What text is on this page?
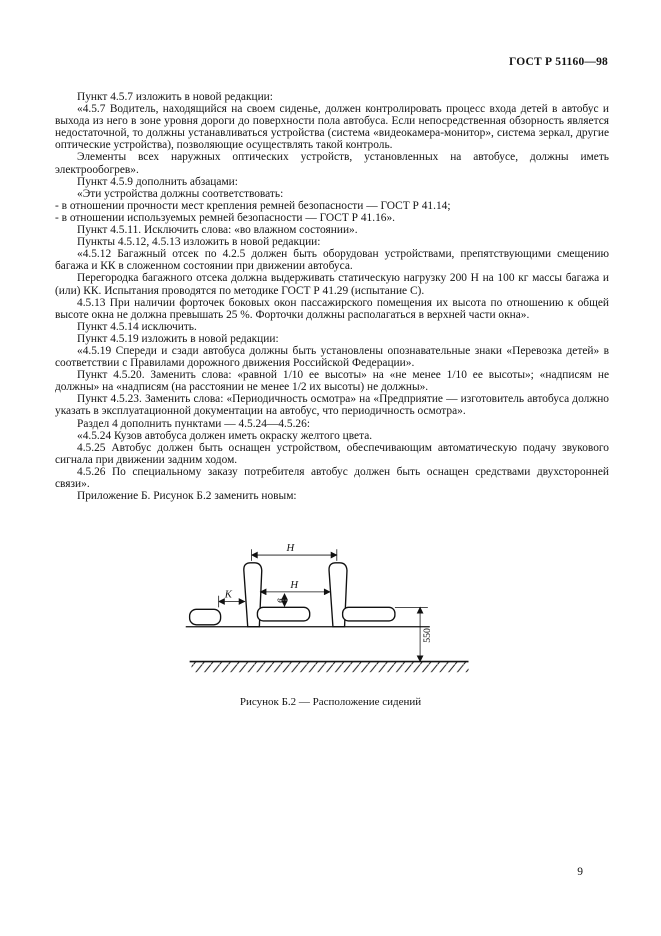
ГОСТ Р 51160—98

Пункт 4.5.7 изложить в новой редакции:

«4.5.7 Водитель, находящийся на своем сиденье, должен контролировать процесс входа детей в автобус и выхода из него в зоне уровня дороги до поверхности пола автобуса. Если непосредственная обзорность является недостаточной, то должны устанавливаться устройства (система «видеокамера-монитор», система зеркал, другие оптические устройства), позволяющие осуществлять такой контроль.

Элементы всех наружных оптических устройств, установленных на автобусе, должны иметь электрообогрев».

Пункт 4.5.9 дополнить абзацами:

«Эти устройства должны соответствовать:

- в отношении прочности мест крепления ремней безопасности — ГОСТ Р 41.14;

- в отношении используемых ремней безопасности — ГОСТ Р 41.16».

Пункт 4.5.11. Исключить слова: «во влажном состоянии».

Пункты 4.5.12, 4.5.13 изложить в новой редакции:

«4.5.12 Багажный отсек по 4.2.5 должен быть оборудован устройствами, препятствующими смещению багажа и КК в сложенном состоянии при движении автобуса.

Перегородка багажного отсека должна выдерживать статическую нагрузку 200 Н на 100 кг массы багажа и (или) КК. Испытания проводятся по методике ГОСТ Р 41.29 (испытание С).

4.5.13 При наличии форточек боковых окон пассажирского помещения их высота по отношению к общей высоте окна не должна превышать 25 %. Форточки должны располагаться в верхней части окна».

Пункт 4.5.14 исключить.

Пункт 4.5.19 изложить в новой редакции:

«4.5.19 Спереди и сзади автобуса должны быть установлены опознавательные знаки «Перевозка детей» в соответствии с Правилами дорожного движения Российской Федерации».

Пункт 4.5.20. Заменить слова: «равной 1/10 ее высоты» на «не менее 1/10 ее высоты»; «надписям не должны» на «надписям (на расстоянии не менее 1/2 их высоты) не должны».

Пункт 4.5.23. Заменить слова: «Периодичность осмотра» на «Предприятие — изготовитель автобуса должно указать в эксплуатационной документации на автобус, что периодичность осмотра».

Раздел 4 дополнить пунктами — 4.5.24—4.5.26:

«4.5.24 Кузов автобуса должен иметь окраску желтого цвета.

4.5.25 Автобус должен быть оснащен устройством, обеспечивающим автоматическую подачу звукового сигнала при движении задним ходом.

4.5.26 По специальному заказу потребителя автобус должен быть оснащен средствами двухсторонней связи».

Приложение Б. Рисунок Б.2 заменить новым:

H
H
K	в
550
Рисунок Б.2 — Расположение сидений
9
